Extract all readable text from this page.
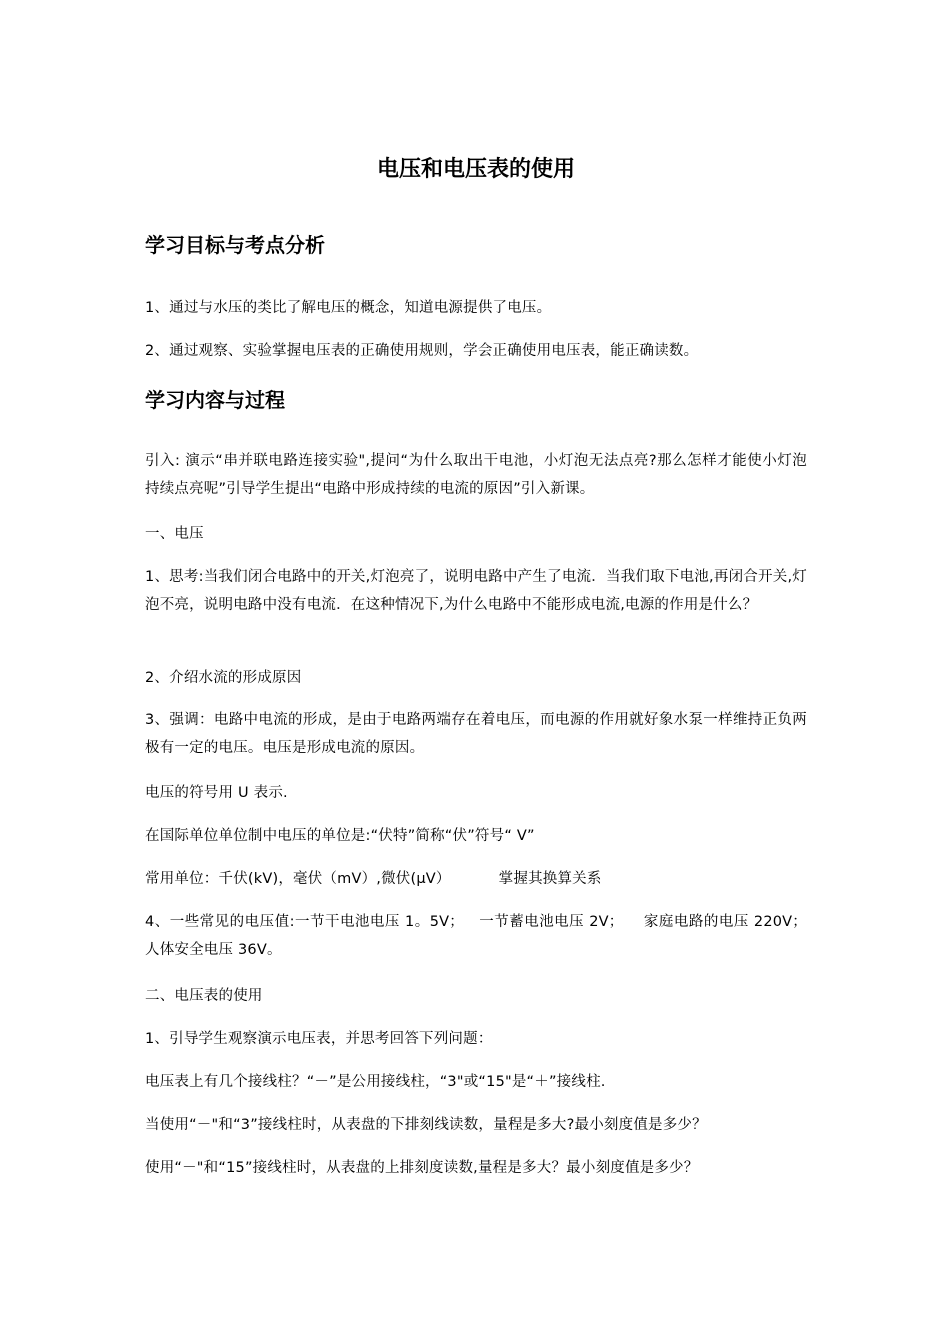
电压和电压表的使用
学习目标与考点分析

1、通过与水压的类比了解电压的概念，知道电源提供了电压。

2、通过观察、实验掌握电压表的正确使用规则，学会正确使用电压表，能正确读数。

学习内容与过程

引入: 演示“串并联电路连接实验",提问“为什么取出干电池，小灯泡无法点亮?那么怎样才能使小灯泡持续点亮呢”引导学生提出“电路中形成持续的电流的原因”引入新课。

一、电压

1、思考:当我们闭合电路中的开关,灯泡亮了，说明电路中产生了电流．当我们取下电池,再闭合开关,灯泡不亮，说明电路中没有电流．在这种情况下,为什么电路中不能形成电流,电源的作用是什么？

2、介绍水流的形成原因

3、强调：电路中电流的形成，是由于电路两端存在着电压，而电源的作用就好象水泵一样维持正负两极有一定的电压。电压是形成电流的原因。

电压的符号用 U 表示.

在国际单位单位制中电压的单位是:“伏特”简称“伏”符号“ V”

常用单位：千伏(kV)，毫伏（mV）,微伏(μV）          掌握其换算关系

4、一些常见的电压值:一节干电池电压 1。5V；   一节蓄电池电压 2V；    家庭电路的电压 220V；          人体安全电压 36V。

二、电压表的使用

1、引导学生观察演示电压表，并思考回答下列问题：

电压表上有几个接线柱？“－”是公用接线柱，“3"或“15"是“＋”接线柱.

当使用“－"和“3”接线柱时，从表盘的下排刻线读数，量程是多大?最小刻度值是多少？

使用“－"和“15”接线柱时，从表盘的上排刻度读数,量程是多大？最小刻度值是多少？
